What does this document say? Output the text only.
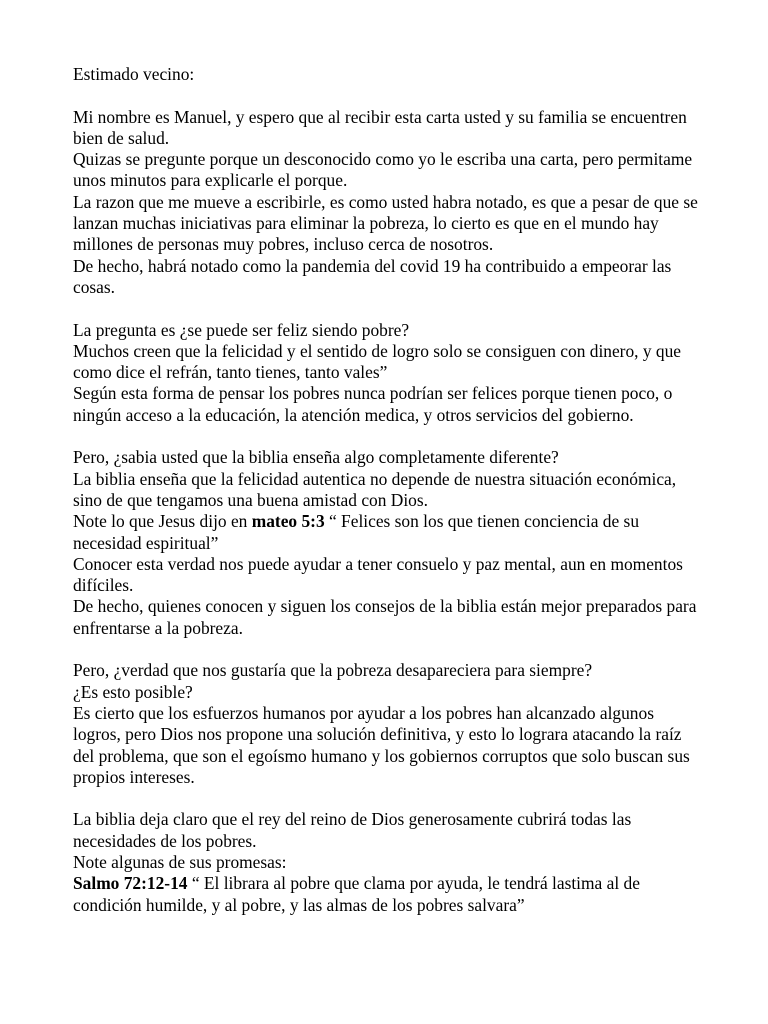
Estimado vecino:

Mi nombre es Manuel, y espero que al recibir esta carta usted y su familia se encuentren bien de salud.

Quizas se pregunte porque un desconocido como yo le escriba una carta, pero permitame unos minutos para explicarle el porque.

La razon que me mueve a escribirle, es como usted habra notado, es que a pesar de que se lanzan muchas iniciativas para eliminar la pobreza, lo cierto es que en el mundo hay millones de personas muy pobres, incluso cerca de nosotros.

De hecho, habrá notado como la pandemia del covid 19 ha contribuido a empeorar las cosas.

La pregunta es ¿se puede ser feliz siendo pobre?

Muchos creen que la felicidad y el sentido de logro solo se consiguen con dinero, y que como dice el refrán, tanto tienes, tanto vales”

Según esta forma de pensar los pobres nunca podrían ser felices porque tienen poco, o ningún acceso a la educación, la atención medica, y otros servicios del gobierno.

Pero, ¿sabia usted que la biblia enseña algo completamente diferente?

La biblia enseña que la felicidad autentica no depende de nuestra situación económica, sino de que tengamos una buena amistad con Dios.

Note lo que Jesus dijo en mateo 5:3 “ Felices son los que tienen conciencia de su necesidad espiritual”

Conocer esta verdad nos puede ayudar a tener consuelo y paz mental, aun en momentos difíciles.

De hecho, quienes conocen y siguen los consejos de la biblia están mejor preparados para enfrentarse a la pobreza.

Pero, ¿verdad que nos gustaría que la pobreza desapareciera para siempre?

¿Es esto posible?

Es cierto que los esfuerzos humanos por ayudar a los pobres han alcanzado algunos logros, pero Dios nos propone una solución definitiva, y esto lo lograra atacando la raíz del problema, que son el egoísmo humano y los gobiernos corruptos que solo buscan sus propios intereses.

La biblia deja claro que el rey del reino de Dios generosamente cubrirá todas las necesidades de los pobres.

Note algunas de sus promesas:

Salmo 72:12-14 “ El librara al pobre que clama por ayuda, le tendrá lastima al de condición humilde, y al pobre, y las almas de los pobres salvara”
